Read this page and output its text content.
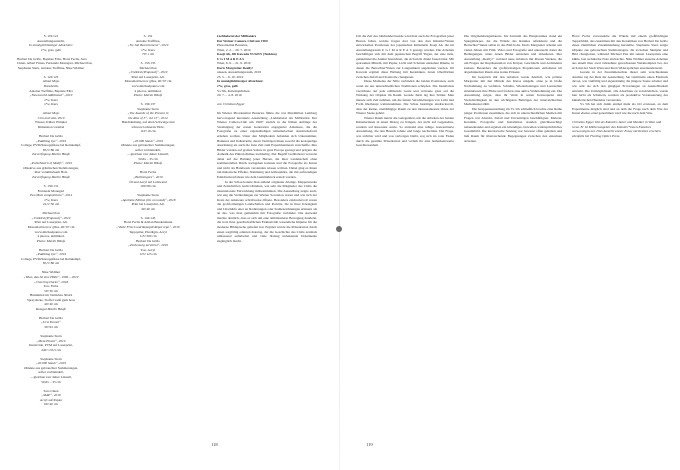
S. 119/121
Ausstellungsansicht,
In unmöglichlässiger Absichten:
s*w, gras, gelb
Herbert De Grillo, Baptiste Elba, Horst Fechs, Sara
Chien, Albert Fitnas, Fernanda Monagari, Michael Pan,
Stephanie Stern, Antoine Treffline, Nike Widmer
S. 122/123
Albert Majo
Daredevils
Antoine Treffline, Baptiste Elba
„Newsworld Additional“, 2019
s*w, Kurs
s*w, Kurs
Albert Majo
Ciro and väst, 2019
Wasser, Kübel, Pimpler
Dimension variabel
Herbert De Grillo
„Padiblog bye“, 2019
Collage, PVM/Knooppfüsse bei Reinkampf,
85,5×86 cm
Zurverfügung Martin Häufe
„Polis/Sketch of Motifs“, 2019
Obiektve aus grünlischen Siebmontagen,
über voluminösem Holz
Zurverfügung Martin Häufe
S. 130/131
Fernanda Monagari
Two Most compositions“, 2014
s*w, Kurs
22,5×30 cm
Michael Pan
„Untitled (Proposal)“, 2019
Print auf Laserprint, A0,
Monomail hervor gläss, 40×97 cm
www.michaelpanrs.com
4 photos, unlimited,
Photo: Martin Häufe
Herbert De Grillo
„Padiblog bye“, 2019
Collage, PVM/Knooppfüsse bei Reinkampf,
85,5×86 cm
Nike Widmer
„Wien, das Ist eine Hölle“, 1996 – 2019
„Cheering Ducks“, 2018
Ton, Farbe
50×30 cm
Hummmol im Vertikbau 30x24
Spraydecke, Stoffel weiß gum hosa
40×40 cm
Rossgat Martin Häufe
Herbert De Grillo
„Urst Tunnel“
30×93 cm
Stephanie Stern
„Meta Eluent“, 2019
Kunstvide, PVM auf Laserprint,
240×133,5 cm
Stephanie Stern
„20.990 Staub“, 2019
Obiekte aus gebrauchter Stehmontagen,
sofler verbleindelt,
—gleichen verr daher Linstell,
50,6x – 35 cm
Sara Chien
„MAP“, 2019
Acryl auf Papier
60×40 cm
S. 132
Antoine Treffline,
„No Job Bacoriumens“, 2019
s*w, Kurs
70×1 cm
S. 133/135
Michael Pan
„Untitled (Proposal)“, 2019
Print auf Laserprint, A0,
Monomail hervor gläss, 40×97 cm
www.michaelpanrs.com
4 photos, unlimited,
Photo: Martin Häufe
S. 136/137
Stephanie Stern
„The Awards of the Present in
the Rise of 3“, Jul 15“, 2014
Handrahmung, auf alten Schweige und
schwarz lackierter Holz,
110×10 cm
„20.990 Staub“, 2019
Obiekte aus gebrauchter Stehmontagen,
sofler verbleindelt,
—gleichen verr daher Linstell,
50,6x – 35 cm
Photo: Martin Häufe
Horst Fechs
„Bulltrengees“, 2019
Öl und Acryl auf Leinwand
100×80 cm
Stephanie Stern
„Apothete Edition (bis on numd)“, 2018
Print bei Laserprint, A0,
40×40 cm
S. 142/143
Horst Fechs & Adrian Baudenmann
„Visite Frisch und Repopdt Repol repo“, 2019
Teppqalier, Pferdigin, Acryl
115×300 cm
Herbert De Grillo
„Zerheoweg zerstörol“, 2019
Ton, Acryl
125×125 cm
Liebhaberei der Millionäre
Der Weiner Camera-Club um 1900
Photoinstitut Bonartes,
Wien, 2. 2. – 29. 7. 2019
Koeji Ah, Jill Kawada YUGEN (Tsukino)
U G I M A R E A S
Wien, 6. 6. – 21. 9. 2019
Doris Margreiter Really!
unseen, Ausstellungsraum, 2019
25. 5. – 6. 10. 2019
In unmöglichlässiger Absichten:
s*w, gras, gelb
Vs 5th, Kebensplätchen,
20. 7. – 4. 8. 2019
von Christian Egger

Im Wiener Photoinstitut Bonartes führte die von Maximilian Lemberg hervorragend kuratierte Ausstellung „Liebhaberei der Millionäre: Der Wiener Camera-Club um 1900“ zurück in die frühen Anfänge der Vereinigung der ersten Generation engagierter Amateure, die die Fotografie zu einer eigenständigen künstlerischen Ausdrucksform erheben wollten. Unter den Mitgliedern befanden sich Unternehmer, Bankiers und Industrielle, deren Vermögen ihnen sowohl die kostspielige Ausrüstung als auch die freie Zeit zum Experimentieren verschaffte. Ihre Bilder wurden auf großen Salons in ganz Europa gezeigt und prägten die Ästhetik des Piktorialismus nachhaltig. Der Begriff Liebhaberei verweist dabei auf die Haltung jener Herren, die ihrer Leidenschaft ohne kommerziellen Druck nachgehen konnten und die Fotografie als Kunst und nicht als Handwerk verstanden wissen wollten. Dabei ging es ihnen um malerische Effekte, Stimmung und Atmosphäre, die mit aufwendigen Edeldruckverfahren wie dem Gummidruck erzielt wurden.

In der Schau konnte man anhand originaler Abzüge, Mappenwerke und Zeitschriften nachvollziehen, wie sehr die Mitglieder des Clubs die internationale Entwicklung mitbestimmten. Die Ausstellung zeigte auch, wie eng die Verbindungen zur Wiener Secession waren und wie sich der Kreis der Amateure schrittweise öffnete. Besonders eindrucksvoll waren die großformatigen Landschaften und Porträts, die in ihrer Körnigkeit und Unschärfe eher an Radierungen oder Kohlezeichnungen erinnern als an das, was man gemeinhin mit Fotografie verbindet. Die Auswahl machte deutlich, dass es sich um eine ambitionierte Bewegung handelte, die trotz ihrer gesellschaftlichen Exklusivität wesentliche Impulse für die moderne Bildsprache geliefert hat. Ergänzt wurde die Präsentation durch einen sorgfältig edierten Katalog, der die Geschichte des Clubs erstmals umfassend aufarbeitet und viele bislang unbekannte Dokumente zugänglich macht.

118

Um die Zeit des Jahrhundertwende wird man auch die Fotografien jener Herren fallen, welche fragen drei von den drei Künstler*innen entwickelten Positionen der japanischen Künstlerin Koeji Ah, die im Ausstellungsraum U G I M A R E A S gezeigt wurden. Die Arbeiten beschäftigen sich mit dem japanischen Begriff Yugen, der eine tiefe, geheimnisvolle Anmut bezeichnet, die sich nicht direkt fassen lässt. Mit sparsamen Mitteln, mit Papier, Licht und Schatten entstehen Räume, in denen die Betrachter*innen zur Langsamkeit angehalten werden. Jill Kawada ergänzt diese Haltung mit Keramiken, deren Oberflächen zwischen Zufall und Kontrolle changieren.

Diese Momente der Stille verbinden die beiden Positionen, auch wenn sie aus unterschiedlichen Traditionen schöpfen. Die Installation verzichtete auf jede erklärende Geste und vertraute ganz auf die Wirkung der Objekte im Raum. Gerade darin lag ihre Stärke: Man musste sich Zeit nehmen, um die feinen Verschiebungen von Licht und Form überhaupt wahrzunehmen. Die Schau bestätigte eindrucksvoll, dass der kleine, unabhängige Raum zu den interessantesten Orten der Wiener Szene gehört.

Wiener Raum nutzte die Gelegenheit, um die Arbeiten der beiden Künstlerinnen in einen Dialog zu bringen, der nicht auf Gegensätze, sondern auf Resonanz setzte. So entstand eine ruhige, konzentrierte Ausstellung, die den Besuch lohnte und lange nachwirkte. Die Frage, was sichtbar wird und was verborgen bleibt, zog sich als roter Faden durch die gesamte Präsentation und verlieh ihr eine bemerkenswerte Geschlossenheit.

Die Originalabzugsmaterie. Im Zentrum des Hauptraumes stand ein Spiegelkörper, der die Wände des Raumes reflektierte und die Betrachter*innen selbst in das Bild holte. Doris Margreiter arbeitet seit vielen Jahren mit Film, Video und Fotografie und untersucht dabei die Bedingungen, unter denen Bilder entstehen und zirkulieren. Ihre Ausstellung „Really!“ verband neue Arbeiten mit älteren Werken, die um Fragen der Repräsentation von Körper, Geschlecht und Architektur kreisen. Besonders die großformatigen Projektionen entfalteten im abgedunkelten Raum eine starke Präsenz.

Im Gespräch mit den Arbeiten wurde deutlich, wie präzise Margreiter mit den Mitteln des Kinos umgeht, ohne je in bloße Nachahmung zu verfallen. Schnitte, Wiederholungen und Leerstellen strukturieren ihre Filme und fordern eine aktive Wahrnehmung ein. Die Ausstellung zeigte, dass ihr Werk in seiner Konsequenz und Vielschichtigkeit zu den wichtigsten Beiträgen der österreichischen Medienkunst zählt.

Die Gruppenausstellung im Vs 5th schließlich brachte eine Reihe junger Positionen zusammen, die sich in unterschiedlichen Medien mit Fragen von Absicht, Zufall und Unvermögen beschäftigten. Malerei, Keramik, Fotografie und Installation standen gleichberechtigt nebeneinander und ergaben ein lebendiges, bisweilen widersprüchliches Gesamtbild. Die kuratorische Setzung war bewusst offen gehalten und ließ Raum für überraschende Begegnungen zwischen den einzelnen Arbeiten.

Horst Fechs verwandelte die Wände mit einem großflächigen Teppichbild, das zusammen mit den Keramiken von Herbert De Grillo einen räumlichen Zusammenhang herstellte. Stephanie Stern zeigte Objekte aus gebrauchten Stehmontagen, die zwischen Skulptur und Bild changierten, während Michael Pan mit seinen Laserprints eine kühle, fast technische Note einbrachte. Nike Widmer steuerte Arbeiten aus einem über zwei Jahrzehnte gewachsenen Werkkomplex bei, der sich mit der Stadt Wien und ihren Widersprüchen auseinandersetzt.

Gerade in der Zusammenschau dieser sehr verschiedenen Ansätze lag der Reiz der Ausstellung. Sie vermittelte einen Eindruck davon, wie vielfältig und eigenständig die jüngere Szene arbeitet und wie sehr sie sich den gängigen Erwartungen an Ausstellbarkeit entzieht. Die Unmöglichkeit, alle Absichten zu verwirklichen, wurde hier nicht als Scheitern, sondern als produktive Voraussetzung des künstlerischen Handelns verstanden.

Vs 5th hat sich damit einmal mehr als Ort erwiesen, an dem Experimente möglich sind und an dem die Frage nach dem Wie der Kunst ebenso ernst genommen wird wie die nach dem Was.

Christian Egger lebt als Künstler, Autor und Musiker in Wien und Graz. Er ist Mitherausgeber des Künstler*innen-Fanzines www.unsigns.net. Dies Austellt wieser Essay mit Kreiten erschien ebenfalls bei Fleeting Optics Press.
119
